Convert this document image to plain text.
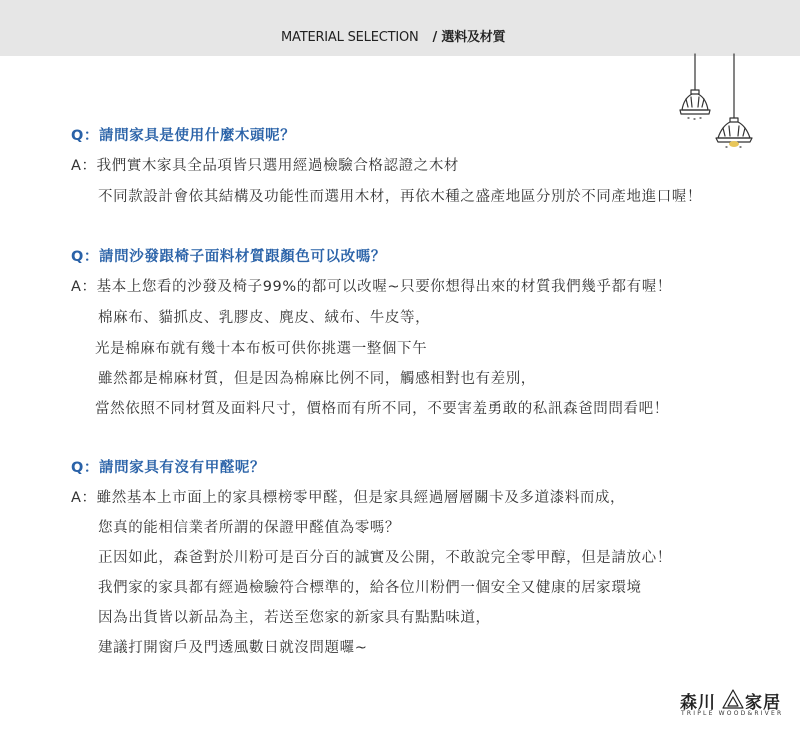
MATERIAL SELECTION / 選料及材質
Q：請問家具是使用什麼木頭呢？
A：我們實木家具全品項皆只選用經過檢驗合格認證之木材
不同款設計會依其結構及功能性而選用木材，再依木種之盛產地區分別於不同產地進口喔！
Q：請問沙發跟椅子面料材質跟顏色可以改嗎？
A：基本上您看的沙發及椅子99%的都可以改喔~只要你想得出來的材質我們幾乎都有喔！
棉麻布、貓抓皮、乳膠皮、麂皮、絨布、牛皮等，
光是棉麻布就有幾十本布板可供你挑選一整個下午
雖然都是棉麻材質，但是因為棉麻比例不同，觸感相對也有差別，
當然依照不同材質及面料尺寸，價格而有所不同，不要害羞勇敢的私訊森爸問問看吧！
Q：請問家具有沒有甲醛呢？
A：雖然基本上市面上的家具標榜零甲醛，但是家具經過層層關卡及多道漆料而成，
您真的能相信業者所謂的保證甲醛值為零嗎？
正因如此，森爸對於川粉可是百分百的誠實及公開，不敢說完全零甲醇，但是請放心！
我們家的家具都有經過檢驗符合標準的，給各位川粉們一個安全又健康的居家環境
因為出貨皆以新品為主，若送至您家的新家具有點點味道，
建議打開窗戶及門透風數日就沒問題囉~
森川 家居
TRIPLE WOOD&RIVER
